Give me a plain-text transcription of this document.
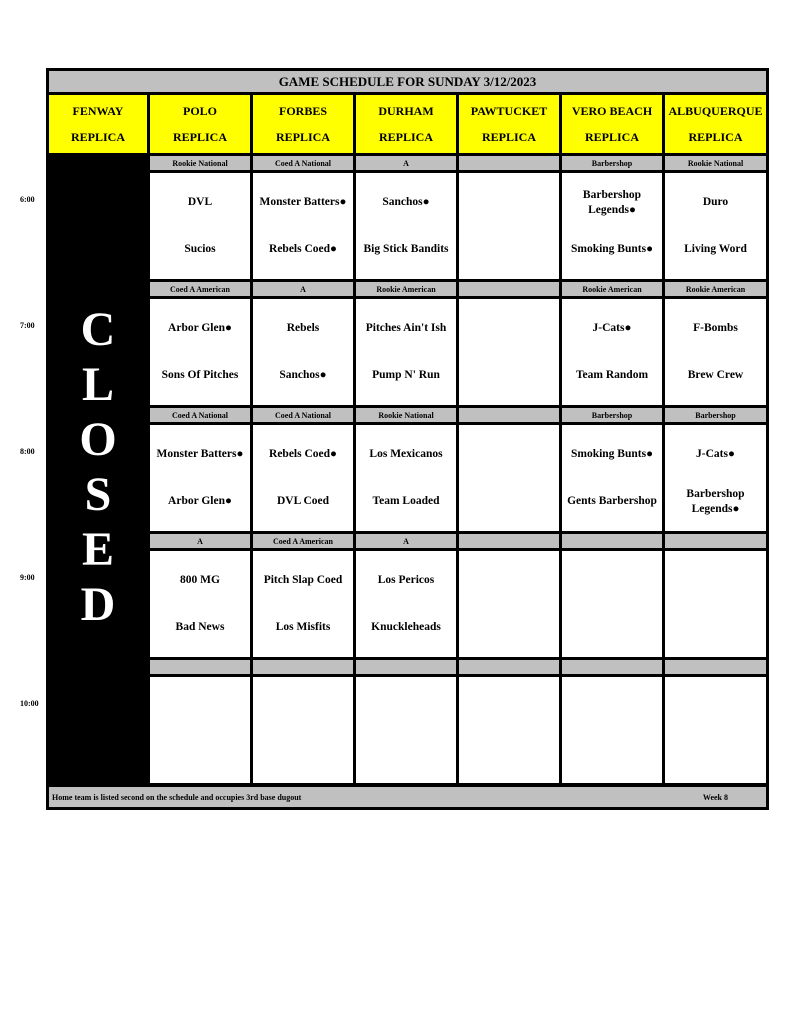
GAME SCHEDULE FOR SUNDAY 3/12/2023
FENWAY
REPLICA
POLO
REPLICA
FORBES
REPLICA
DURHAM
REPLICA
PAWTUCKET
REPLICA
VERO BEACH
REPLICA
ALBUQUERQUE
REPLICA
C
L
O
S
E
D
Rookie National
DVL
Sucios
Coed A National
Monster Batters●
Rebels Coed●
A
Sanchos●
Big Stick Bandits
Barbershop
Barbershop Legends●
Smoking Bunts●
Rookie National
Duro
Living Word
Coed A American
Arbor Glen●
Sons Of Pitches
A
Rebels
Sanchos●
Rookie American
Pitches Ain't Ish
Pump N' Run
Rookie American
J-Cats●
Team Random
Rookie American
F-Bombs
Brew Crew
Coed A National
Monster Batters●
Arbor Glen●
Coed A National
Rebels Coed●
DVL Coed
Rookie National
Los Mexicanos
Team Loaded
Barbershop
Smoking Bunts●
Gents Barbershop
Barbershop
J-Cats●
Barbershop Legends●
A
800 MG
Bad News
Coed A American
Pitch Slap Coed
Los Misfits
A
Los Pericos
Knuckleheads
Home team is listed second on the schedule and occupies 3rd base dugout	Week 8
6:00
7:00
8:00
9:00
10:00
